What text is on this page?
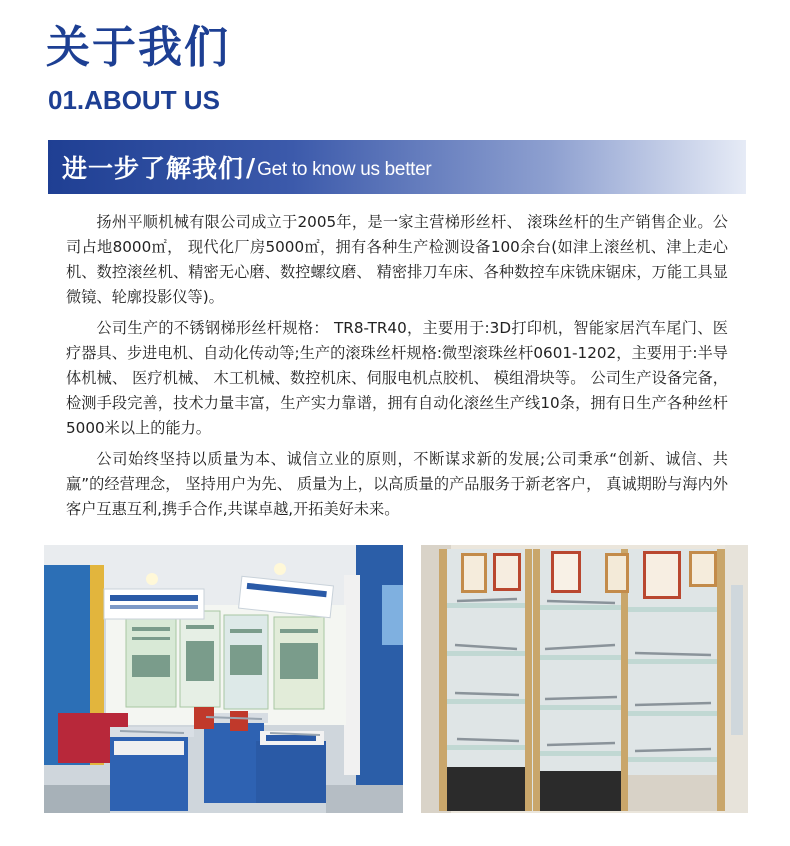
关于我们
01.ABOUT US
进一步了解我们 / Get to know us better

扬州平顺机械有限公司成立于2005年，是一家主营梯形丝杆、 滚珠丝杆的生产销售企业。公司占地8000㎡， 现代化厂房5000㎡，拥有各种生产检测设备100余台(如津上滚丝机、津上走心机、数控滚丝机、精密无心磨、数控螺纹磨、 精密排刀车床、各种数控车床铣床锯床，万能工具显微镜、轮廓投影仪等)。

公司生产的不锈钢梯形丝杆规格： TR8-TR40，主要用于:3D打印机，智能家居汽车尾门、医疗器具、步进电机、自动化传动等;生产的滚珠丝杆规格:微型滚珠丝杆0601-1202，主要用于:半导体机械、 医疗机械、 木工机械、数控机床、伺服电机点胶机、 模组滑块等。 公司生产设备完备， 检测手段完善，技术力量丰富，生产实力靠谱，拥有自动化滚丝生产线10条，拥有日生产各种丝杆5000米以上的能力。

公司始终坚持以质量为本、诚信立业的原则，不断谋求新的发展;公司秉承“创新、诚信、共赢”的经营理念， 坚持用户为先、 质量为上，以高质量的产品服务于新老客户， 真诚期盼与海内外客户互惠互利,携手合作,共谋卓越,开拓美好未来。
